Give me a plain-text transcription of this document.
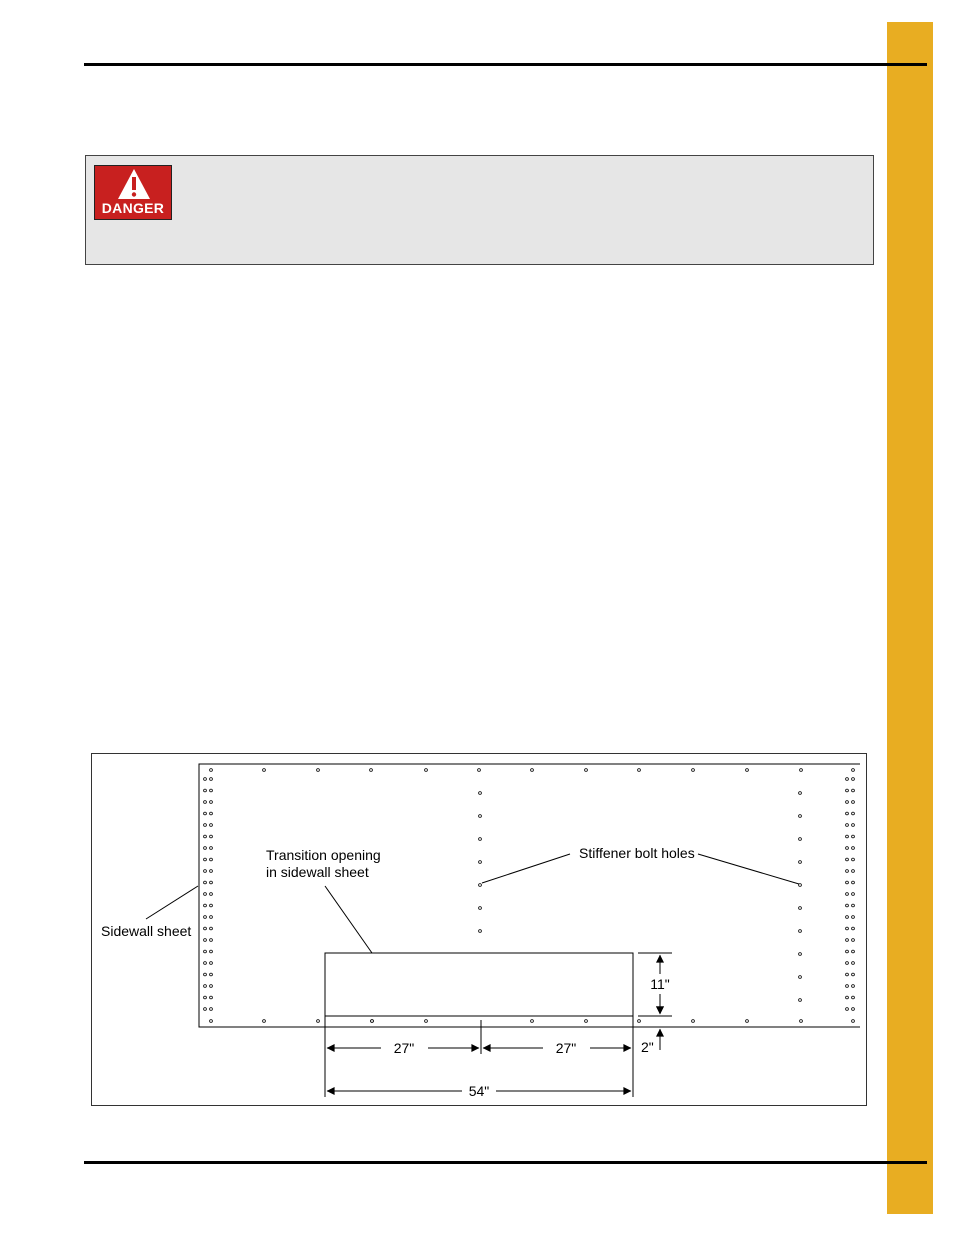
DANGER
Sidewall sheet
Transition opening
in sidewall sheet
Stiffener bolt holes
27"	27"
54"
11"
2"
